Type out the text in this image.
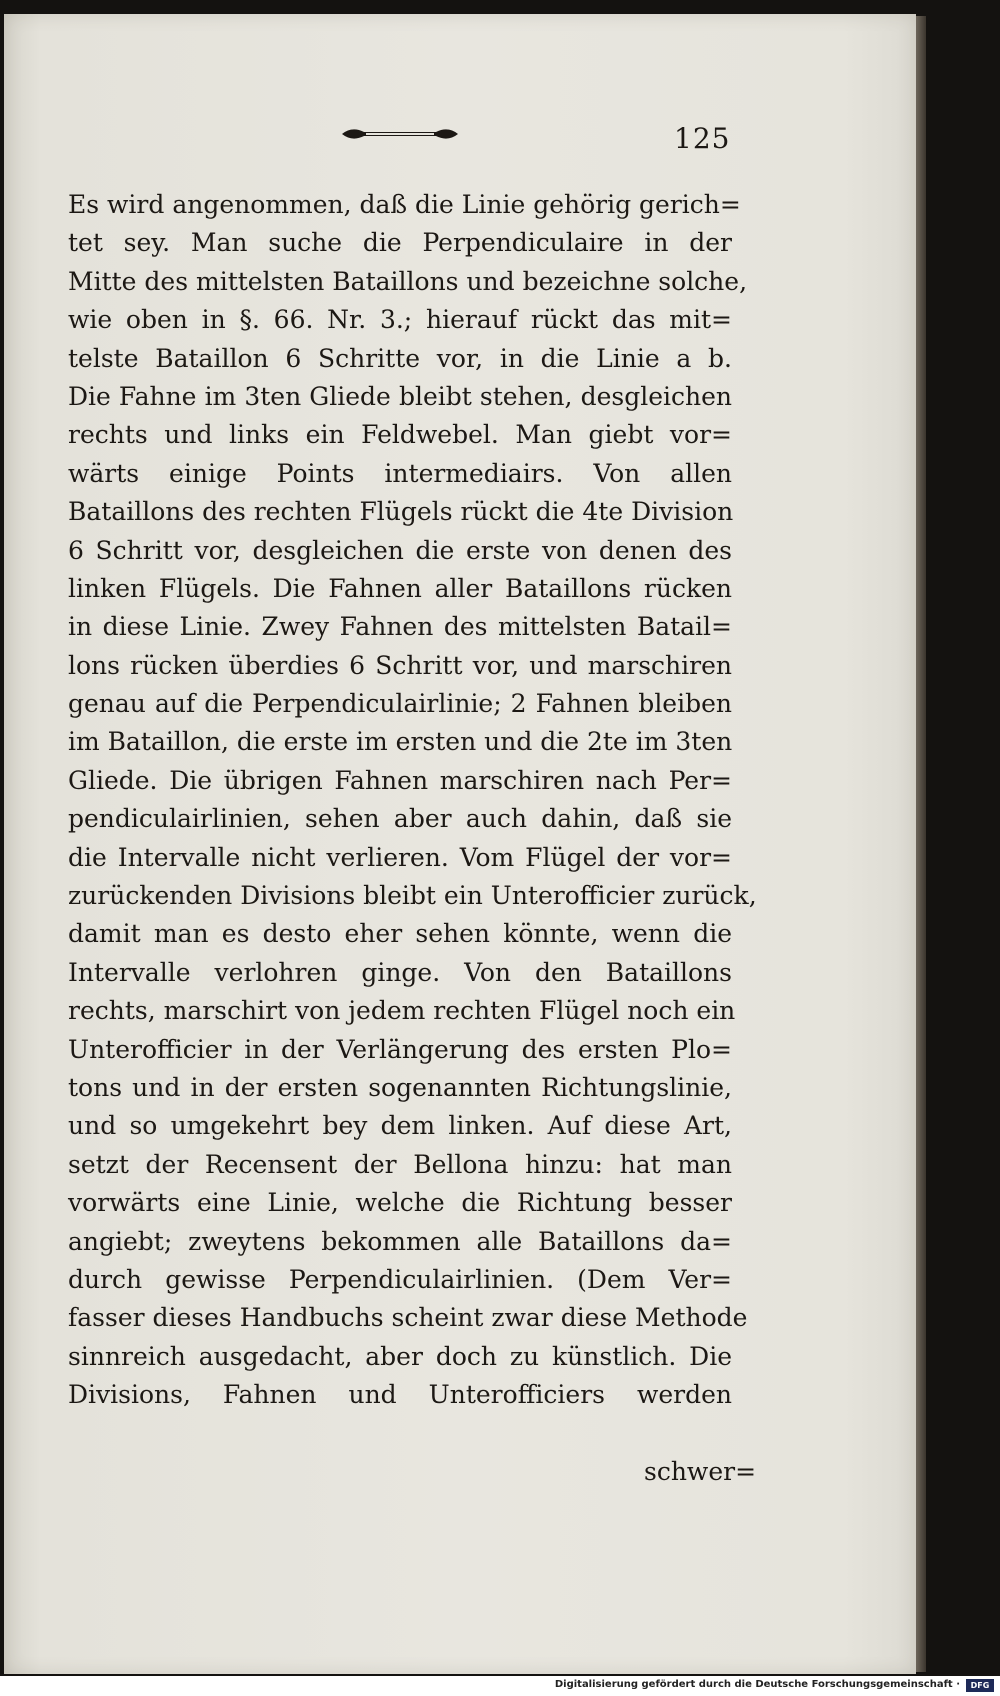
125
Es wird angenommen, daß die Linie gehörig gerich=
tet sey. Man suche die Perpendiculaire in der
Mitte des mittelsten Bataillons und bezeichne solche,
wie oben in §. 66. Nr. 3.; hierauf rückt das mit=
telste Bataillon 6 Schritte vor, in die Linie a b.
Die Fahne im 3ten Gliede bleibt stehen, desgleichen
rechts und links ein Feldwebel. Man giebt vor=
wärts einige Points intermediairs. Von allen
Bataillons des rechten Flügels rückt die 4te Division
6 Schritt vor, desgleichen die erste von denen des
linken Flügels. Die Fahnen aller Bataillons rücken
in diese Linie. Zwey Fahnen des mittelsten Batail=
lons rücken überdies 6 Schritt vor, und marschiren
genau auf die Perpendiculairlinie; 2 Fahnen bleiben
im Bataillon, die erste im ersten und die 2te im 3ten
Gliede. Die übrigen Fahnen marschiren nach Per=
pendiculairlinien, sehen aber auch dahin, daß sie
die Intervalle nicht verlieren. Vom Flügel der vor=
zurückenden Divisions bleibt ein Unterofficier zurück,
damit man es desto eher sehen könnte, wenn die
Intervalle verlohren ginge. Von den Bataillons
rechts, marschirt von jedem rechten Flügel noch ein
Unterofficier in der Verlängerung des ersten Plo=
tons und in der ersten sogenannten Richtungslinie,
und so umgekehrt bey dem linken. Auf diese Art,
setzt der Recensent der Bellona hinzu: hat man
vorwärts eine Linie, welche die Richtung besser
angiebt; zweytens bekommen alle Bataillons da=
durch gewisse Perpendiculairlinien. (Dem Ver=
fasser dieses Handbuchs scheint zwar diese Methode
sinnreich ausgedacht, aber doch zu künstlich. Die
Divisions, Fahnen und Unterofficiers werden
schwer=
Digitalisierung gefördert durch die Deutsche Forschungsgemeinschaft ·	DFG
